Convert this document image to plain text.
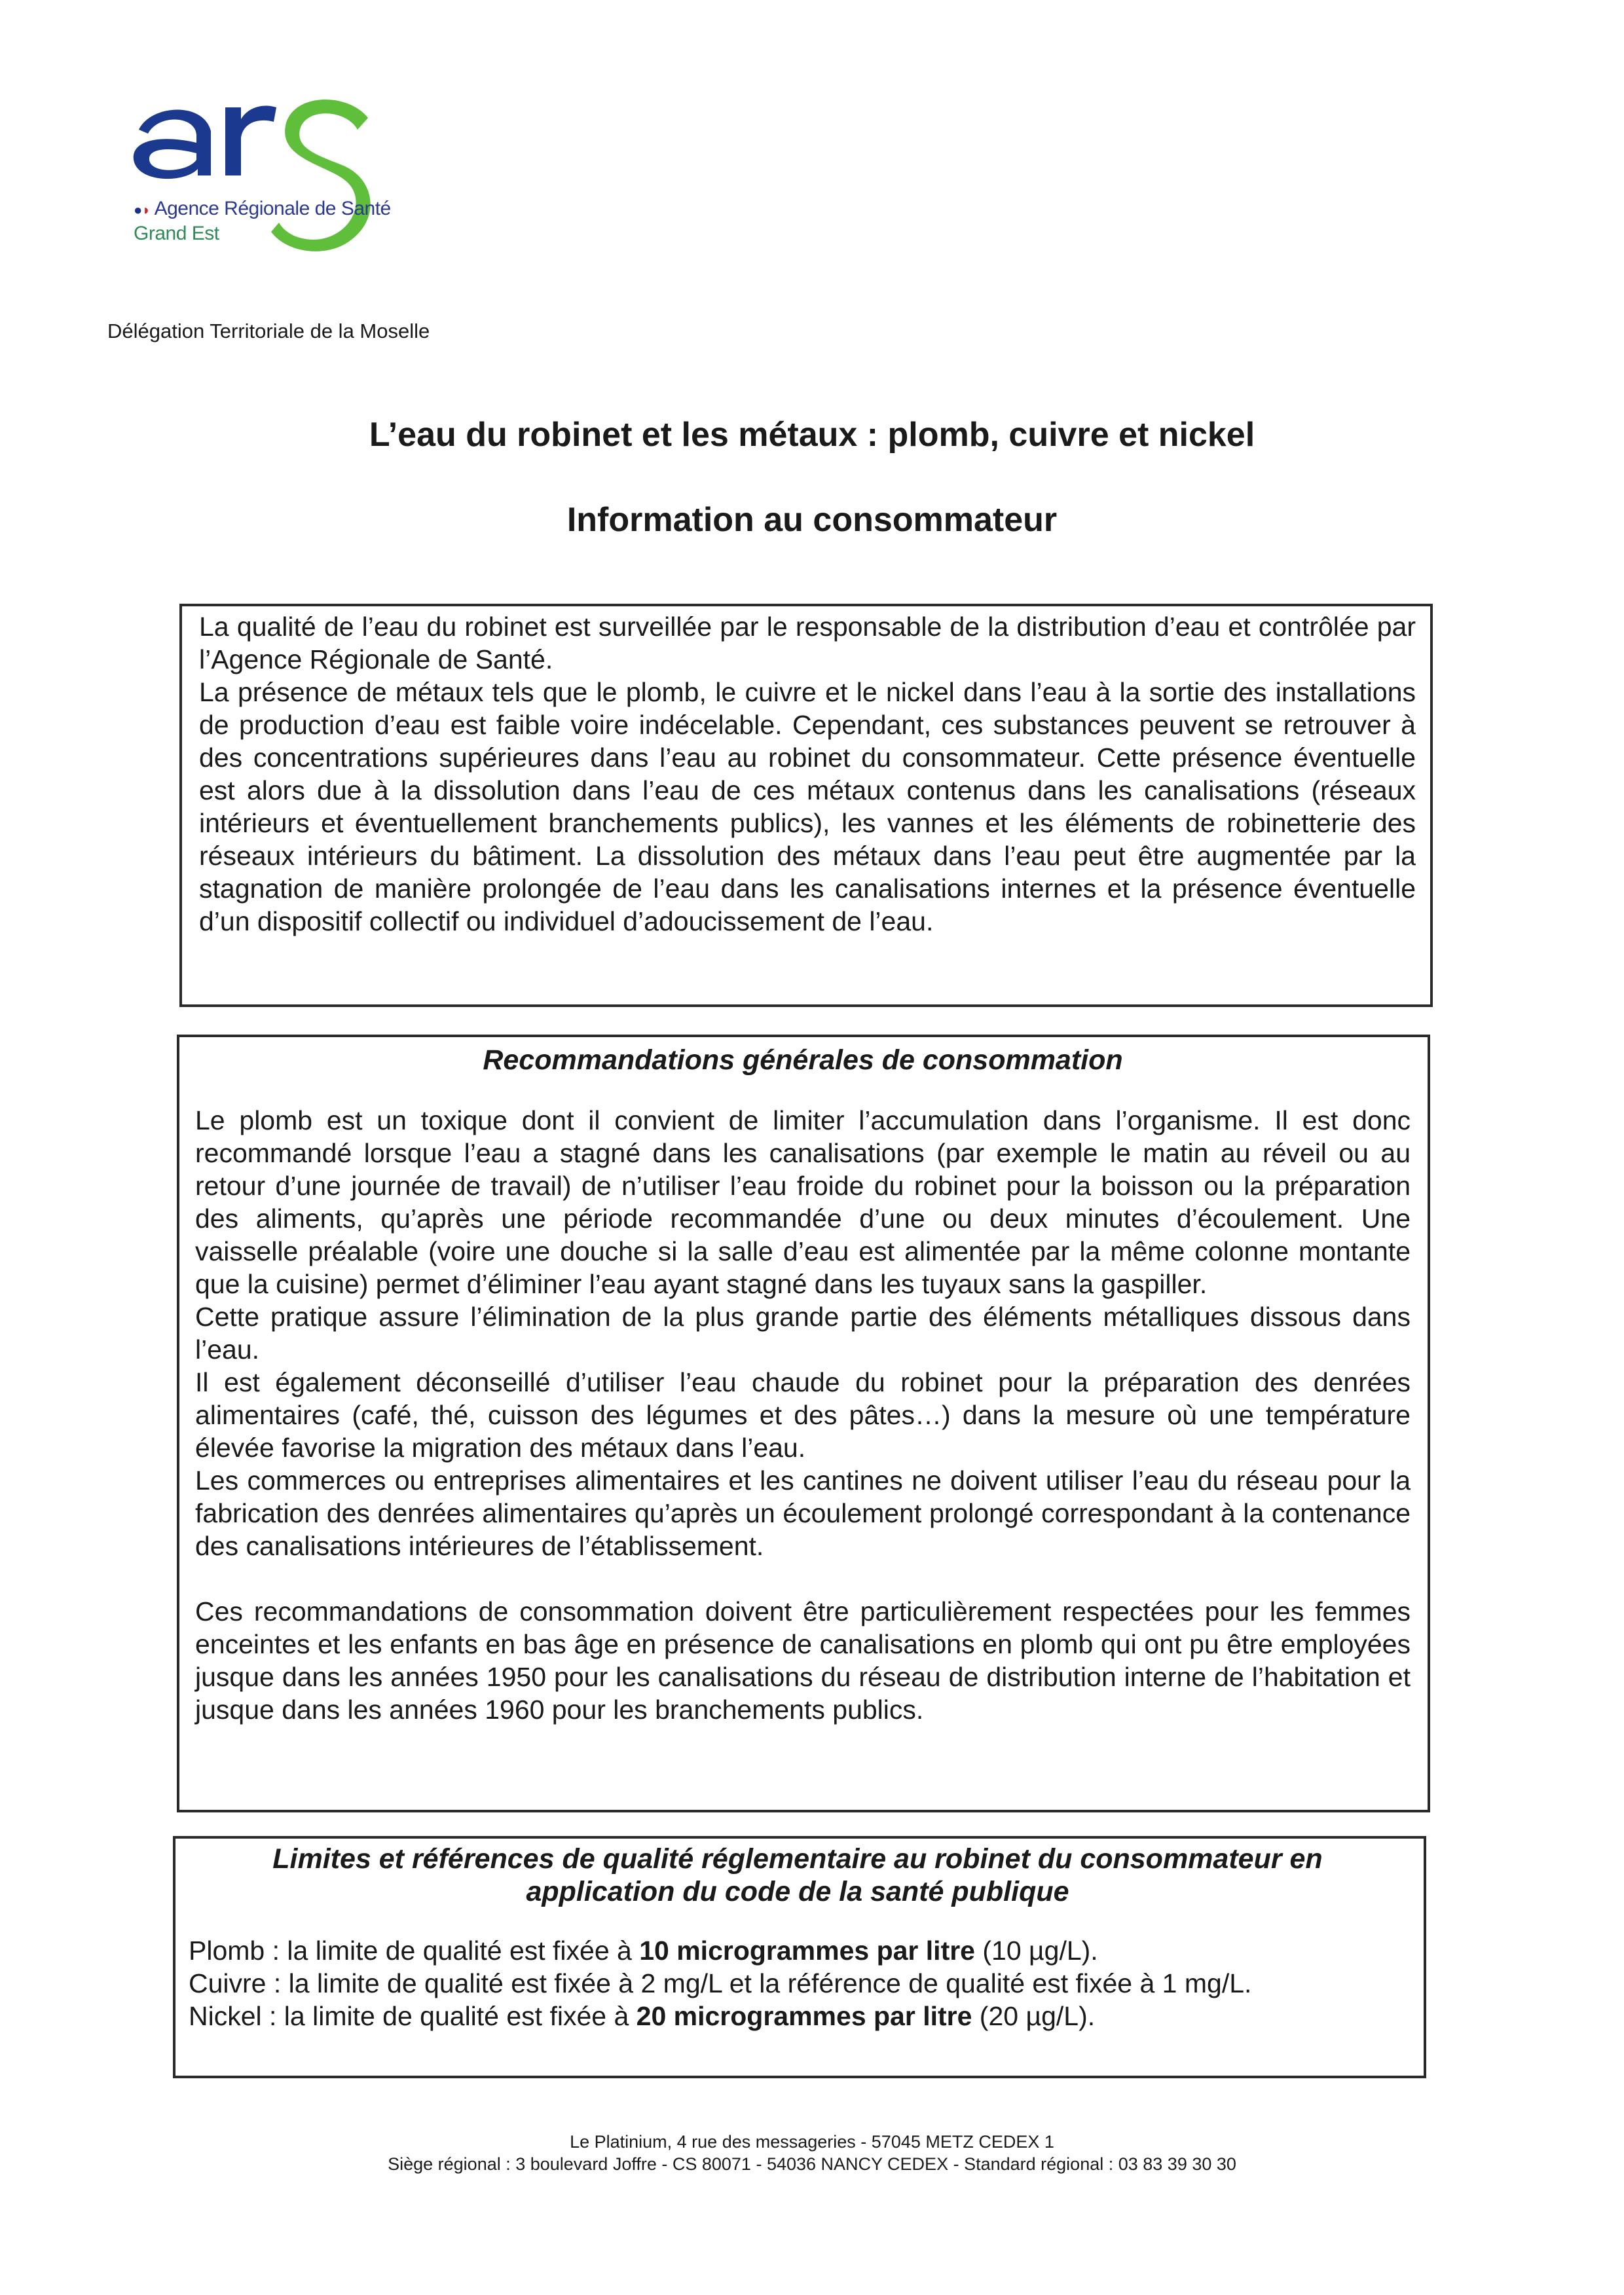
●◗ Agence Régionale de Santé
Grand Est
Délégation Territoriale de la Moselle
L’eau du robinet et les métaux : plomb, cuivre et nickel
Information au consommateur

La qualité de l’eau du robinet est surveillée par le responsable de la distribution d’eau et contrôlée par l’Agence Régionale de Santé.

La présence de métaux tels que le plomb, le cuivre et le nickel dans l’eau à la sortie des installations de production d’eau est faible voire indécelable. Cependant, ces substances peuvent se retrouver à des concentrations supérieures dans l’eau au robinet du consommateur. Cette présence éventuelle est alors due à la dissolution dans l’eau de ces métaux contenus dans les canalisations (réseaux intérieurs et éventuellement branchements publics), les vannes et les éléments de robinetterie des réseaux intérieurs du bâtiment. La dissolution des métaux dans l’eau peut être augmentée par la stagnation de manière prolongée de l’eau dans les canalisations internes et la présence éventuelle d’un dispositif collectif ou individuel d’adoucissement de l’eau.

Recommandations générales de consommation

Le plomb est un toxique dont il convient de limiter l’accumulation dans l’organisme. Il est donc recommandé lorsque l’eau a stagné dans les canalisations (par exemple le matin au réveil ou au retour d’une journée de travail) de n’utiliser l’eau froide du robinet pour la boisson ou la préparation des aliments, qu’après une période recommandée d’une ou deux minutes d’écoulement. Une vaisselle préalable (voire une douche si la salle d’eau est alimentée par la même colonne montante que la cuisine) permet d’éliminer l’eau ayant stagné dans les tuyaux sans la gaspiller.

Cette pratique assure l’élimination de la plus grande partie des éléments métalliques dissous dans l’eau.

Il est également déconseillé d’utiliser l’eau chaude du robinet pour la préparation des denrées alimentaires (café, thé, cuisson des légumes et des pâtes…) dans la mesure où une température élevée favorise la migration des métaux dans l’eau.

Les commerces ou entreprises alimentaires et les cantines ne doivent utiliser l’eau du réseau pour la fabrication des denrées alimentaires qu’après un écoulement prolongé correspondant à la contenance des canalisations intérieures de l’établissement.

Ces recommandations de consommation doivent être particulièrement respectées pour les femmes enceintes et les enfants en bas âge en présence de canalisations en plomb qui ont pu être employées jusque dans les années 1950 pour les canalisations du réseau de distribution interne de l’habitation et jusque dans les années 1960 pour les branchements publics.

Limites et références de qualité réglementaire au robinet du consommateur en
application du code de la santé publique

Plomb : la limite de qualité est fixée à 10 microgrammes par litre (10 µg/L).

Cuivre : la limite de qualité est fixée à 2 mg/L et la référence de qualité est fixée à 1 mg/L.

Nickel : la limite de qualité est fixée à 20 microgrammes par litre (20 µg/L).

Le Platinium, 4 rue des messageries - 57045 METZ CEDEX 1
Siège régional : 3 boulevard Joffre - CS 80071 - 54036 NANCY CEDEX - Standard régional : 03 83 39 30 30
